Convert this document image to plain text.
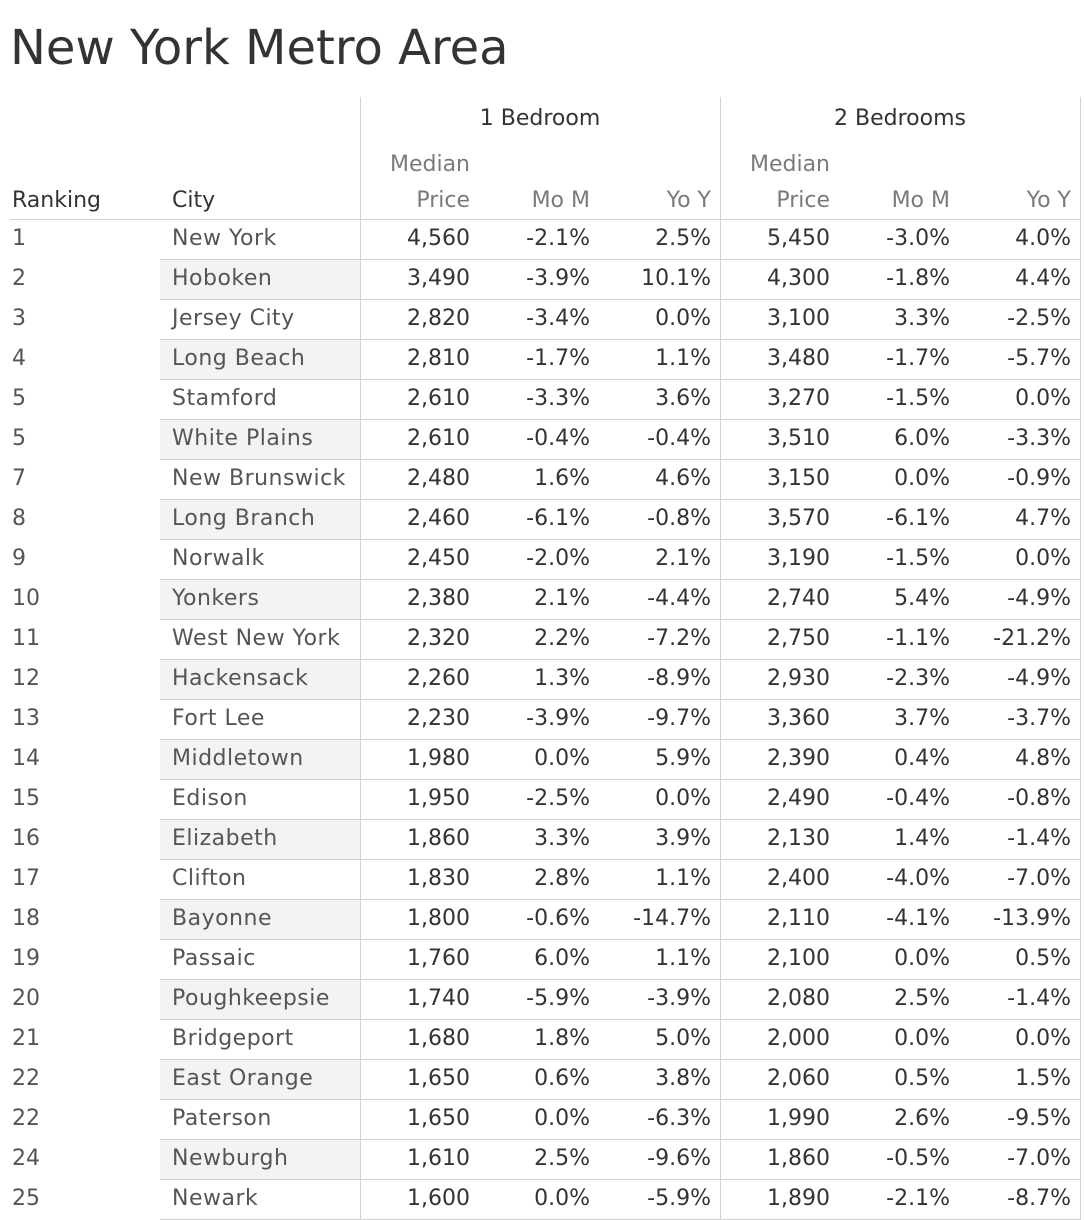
New York Metro Area
1 Bedroom	2 Bedrooms
Ranking	City
Median
Price	Mo M	Yo Y
Median
Price	Mo M	Yo Y
1	New York	4,560	-2.1%	2.5%	5,450	-3.0%	4.0%
2	Hoboken	3,490	-3.9%	10.1%	4,300	-1.8%	4.4%
3	Jersey City	2,820	-3.4%	0.0%	3,100	3.3%	-2.5%
4	Long Beach	2,810	-1.7%	1.1%	3,480	-1.7%	-5.7%
5	Stamford	2,610	-3.3%	3.6%	3,270	-1.5%	0.0%
5	White Plains	2,610	-0.4%	-0.4%	3,510	6.0%	-3.3%
7	New Brunswick	2,480	1.6%	4.6%	3,150	0.0%	-0.9%
8	Long Branch	2,460	-6.1%	-0.8%	3,570	-6.1%	4.7%
9	Norwalk	2,450	-2.0%	2.1%	3,190	-1.5%	0.0%
10	Yonkers	2,380	2.1%	-4.4%	2,740	5.4%	-4.9%
11	West New York	2,320	2.2%	-7.2%	2,750	-1.1%	-21.2%
12	Hackensack	2,260	1.3%	-8.9%	2,930	-2.3%	-4.9%
13	Fort Lee	2,230	-3.9%	-9.7%	3,360	3.7%	-3.7%
14	Middletown	1,980	0.0%	5.9%	2,390	0.4%	4.8%
15	Edison	1,950	-2.5%	0.0%	2,490	-0.4%	-0.8%
16	Elizabeth	1,860	3.3%	3.9%	2,130	1.4%	-1.4%
17	Clifton	1,830	2.8%	1.1%	2,400	-4.0%	-7.0%
18	Bayonne	1,800	-0.6%	-14.7%	2,110	-4.1%	-13.9%
19	Passaic	1,760	6.0%	1.1%	2,100	0.0%	0.5%
20	Poughkeepsie	1,740	-5.9%	-3.9%	2,080	2.5%	-1.4%
21	Bridgeport	1,680	1.8%	5.0%	2,000	0.0%	0.0%
22	East Orange	1,650	0.6%	3.8%	2,060	0.5%	1.5%
22	Paterson	1,650	0.0%	-6.3%	1,990	2.6%	-9.5%
24	Newburgh	1,610	2.5%	-9.6%	1,860	-0.5%	-7.0%
25	Newark	1,600	0.0%	-5.9%	1,890	-2.1%	-8.7%
